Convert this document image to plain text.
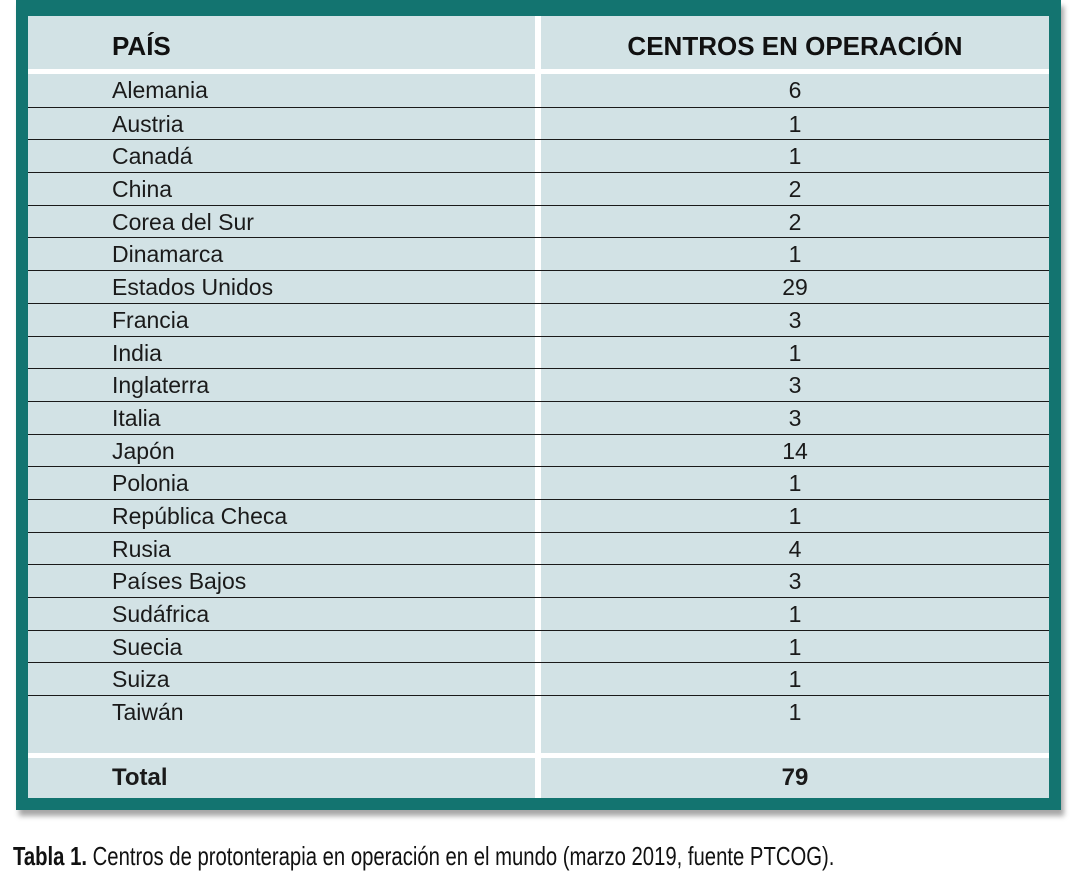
PAÍS	CENTROS EN OPERACIÓN
Alemania	6
Austria	1
Canadá	1
China	2
Corea del Sur	2
Dinamarca	1
Estados Unidos	29
Francia	3
India	1
Inglaterra	3
Italia	3
Japón	14
Polonia	1
República Checa	1
Rusia	4
Países Bajos	3
Sudáfrica	1
Suecia	1
Suiza	1
Taiwán	1
Total	79
Tabla 1. Centros de protonterapia en operación en el mundo (marzo 2019, fuente PTCOG).
